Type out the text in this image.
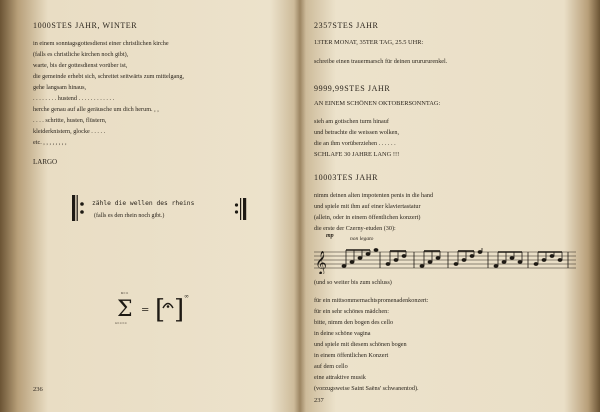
1000STES JAHR, WINTER
in einem sonntagsgottesdienst einer christlichen kirche
(falls es christliche kirchen noch gibt),
warte, bis der gottesdienst vorüber ist,
die gemeinde erhebt sich, schreitet seitwärts zum mittelgang,
gehe langsam hinaus,
. . . . . . . . hustend . . . . . . . . . . . .
herche genau auf alle geräusche um dich herum. , ,
. . . . schritte, husten, flüstern,
kleiderknistern, glocke . . . . .
etc. , , , , , , , ,
LARGO
zähle die wellen des rheins
(falls es den rhein noch gibt.)
n=∞
Σ
n=∞=∞
= [ ] ∞
236
2357STES JAHR
13TER MONAT, 35TER TAG, 25.5 UHR:
schreibe einen trauermarsch für deinen ururururenkel.
9999,99STES JAHR
AN EINEM SCHÖNEN OKTOBERSONNTAG:
sieh am gotischen turm hinauf
und betrachte die weissen wolken,
die an ihm vorüberziehen . . . . . .
SCHLAFE 30 JAHRE LANG !!!
10003TES JAHR
nimm deinen alten impotenten penis in die hand
und spiele mit ihm auf einer klaviertastatur
(allein, oder in einem öffentlichen konzert)
die erste der Czerny-etuden (30):
mp	non legato
𝄞
(und so weiter bis zum schluss)
für ein mittsommernachtspromenadenkonzert:
für ein sehr schönes mädchen:
bitte, nimm den bogen des cello
in deine schöne vagina
und spiele mit diesem schönen bogen
in einem öffentlichen Konzert
auf dem cello
eine attraktive musik
(vorzugsweise Saint Saëns' schwanentod).
237
